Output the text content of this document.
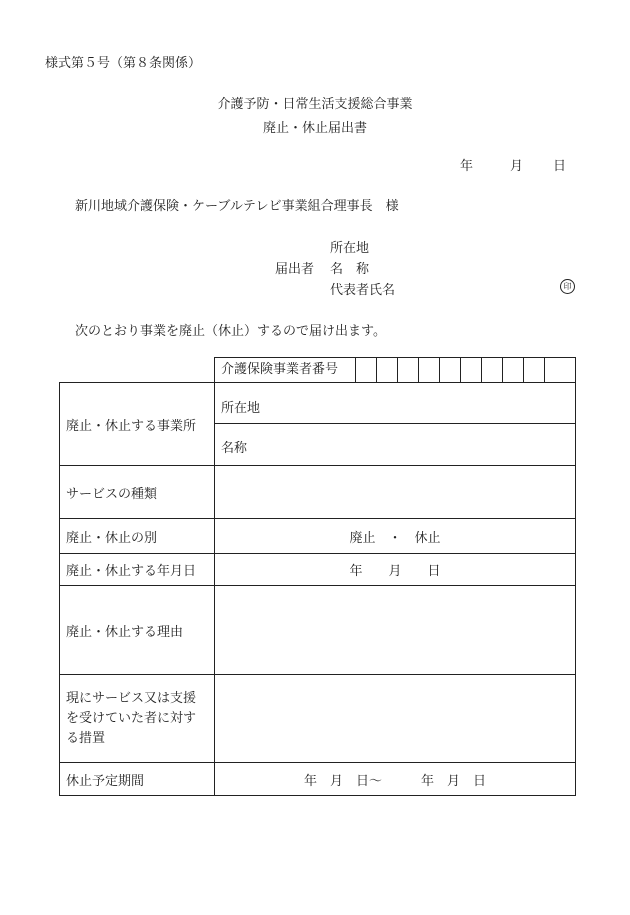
様式第５号（第８条関係）
介護予防・日常生活支援総合事業
廃止・休止届出書
年	月 日
新川地域介護保険・ケーブルテレビ事業組合理事長　様
所在地
届出者 名　称
代表者氏名	印
次のとおり事業を廃止（休止）するので届け出ます。

	介護保険事業者番号

廃止・休止する事業所	所在地
	名称
サービスの種類	
廃止・休止の別	廃止　・　休止
廃止・休止する年月日	年　　月　　日
廃止・休止する理由	
現にサービス又は支援を受けていた者に対する措置	
休止予定期間	年　月　日～　　　年　月　日
